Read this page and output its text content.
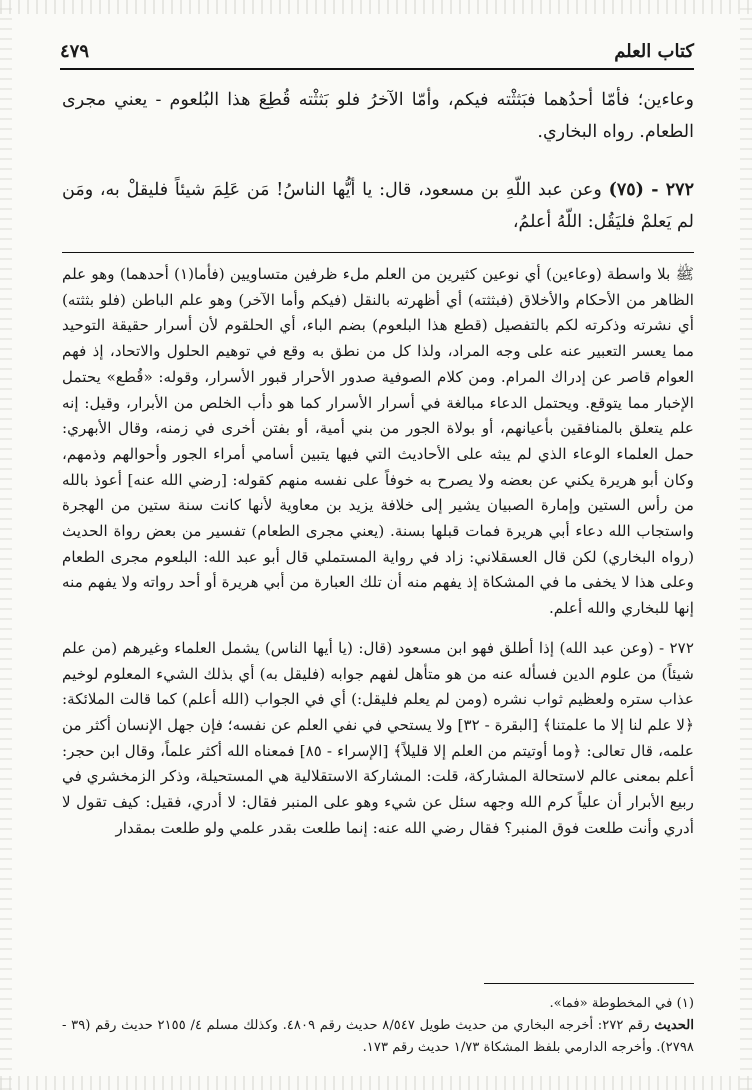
كتاب العلم
٤٧٩

وعاءين؛ فأمّا أحدُهما فبَثثْته فيكم، وأمّا الآخرُ فلو بَثثْته قُطِعَ هذا البُلعوم - يعني مجرى الطعام. رواه البخاري.

٢٧٢ - (٧٥) وعن عبد اللّهِ بن مسعود، قال: يا أيُّها الناسُ! مَن عَلِمَ شيئاً فليقلْ به، ومَن لم يَعلمْ فليَقُل: اللّهُ أعلمُ،

ﷺ بلا واسطة (وعاءين) أي نوعين كثيرين من العلم ملء ظرفين متساويين (فأما(١) أحدهما) وهو علم الظاهر من الأحكام والأخلاق (فبثثته) أي أظهرته بالنقل (فيكم وأما الآخر) وهو علم الباطن (فلو بثثته) أي نشرته وذكرته لكم بالتفصيل (قطع هذا البلعوم) بضم الباء، أي الحلقوم لأن أسرار حقيقة التوحيد مما يعسر التعبير عنه على وجه المراد، ولذا كل من نطق به وقع في توهيم الحلول والاتحاد، إذ فهم العوام قاصر عن إدراك المرام. ومن كلام الصوفية صدور الأحرار قبور الأسرار، وقوله: «قُطع» يحتمل الإخبار مما يتوقع. ويحتمل الدعاء مبالغة في أسرار الأسرار كما هو دأب الخلص من الأبرار، وقيل: إنه علم يتعلق بالمنافقين بأعيانهم، أو بولاة الجور من بني أمية، أو بفتن أخرى في زمنه، وقال الأبهري: حمل العلماء الوعاء الذي لم يبثه على الأحاديث التي فيها يتبين أسامي أمراء الجور وأحوالهم وذمهم، وكان أبو هريرة يكني عن بعضه ولا يصرح به خوفاً على نفسه منهم كقوله: [رضي الله عنه] أعوذ بالله من رأس الستين وإمارة الصبيان يشير إلى خلافة يزيد بن معاوية لأنها كانت سنة ستين من الهجرة واستجاب الله دعاء أبي هريرة فمات قبلها بسنة. (يعني مجرى الطعام) تفسير من بعض رواة الحديث (رواه البخاري) لكن قال العسقلاني: زاد في رواية المستملي قال أبو عبد الله: البلعوم مجرى الطعام وعلى هذا لا يخفى ما في المشكاة إذ يفهم منه أن تلك العبارة من أبي هريرة أو أحد رواته ولا يفهم منه إنها للبخاري والله أعلم.

٢٧٢ - (وعن عبد الله) إذا أطلق فهو ابن مسعود (قال: (يا أيها الناس) يشمل العلماء وغيرهم (من علم شيئاً) من علوم الدين فسأله عنه من هو متأهل لفهم جوابه (فليقل به) أي بذلك الشيء المعلوم لوخيم عذاب ستره ولعظيم ثواب نشره (ومن لم يعلم فليقل:) أي في الجواب (الله أعلم) كما قالت الملائكة: ﴿لا علم لنا إلا ما علمتنا﴾ [البقرة - ٣٢] ولا يستحي في نفي العلم عن نفسه؛ فإن جهل الإنسان أكثر من علمه، قال تعالى: ﴿وما أوتيتم من العلم إلا قليلاً﴾ [الإسراء - ٨٥] فمعناه الله أكثر علماً، وقال ابن حجر: أعلم بمعنى عالم لاستحالة المشاركة، قلت: المشاركة الاستقلالية هي المستحيلة، وذكر الزمخشري في ربيع الأبرار أن علياً كرم الله وجهه سئل عن شيء وهو على المنبر فقال: لا أدري، فقيل: كيف تقول لا أدري وأنت طلعت فوق المنبر؟ فقال رضي الله عنه: إنما طلعت بقدر علمي ولو طلعت بمقدار

(١) في المخطوطة «فما».

الحديث رقم ٢٧٢: أخرجه البخاري من حديث طويل ٨/٥٤٧ حديث رقم ٤٨٠٩. وكذلك مسلم ٤/ ٢١٥٥ حديث رقم (٣٩ - ٢٧٩٨). وأخرجه الدارمي بلفظ المشكاة ١/٧٣ حديث رقم ١٧٣.
